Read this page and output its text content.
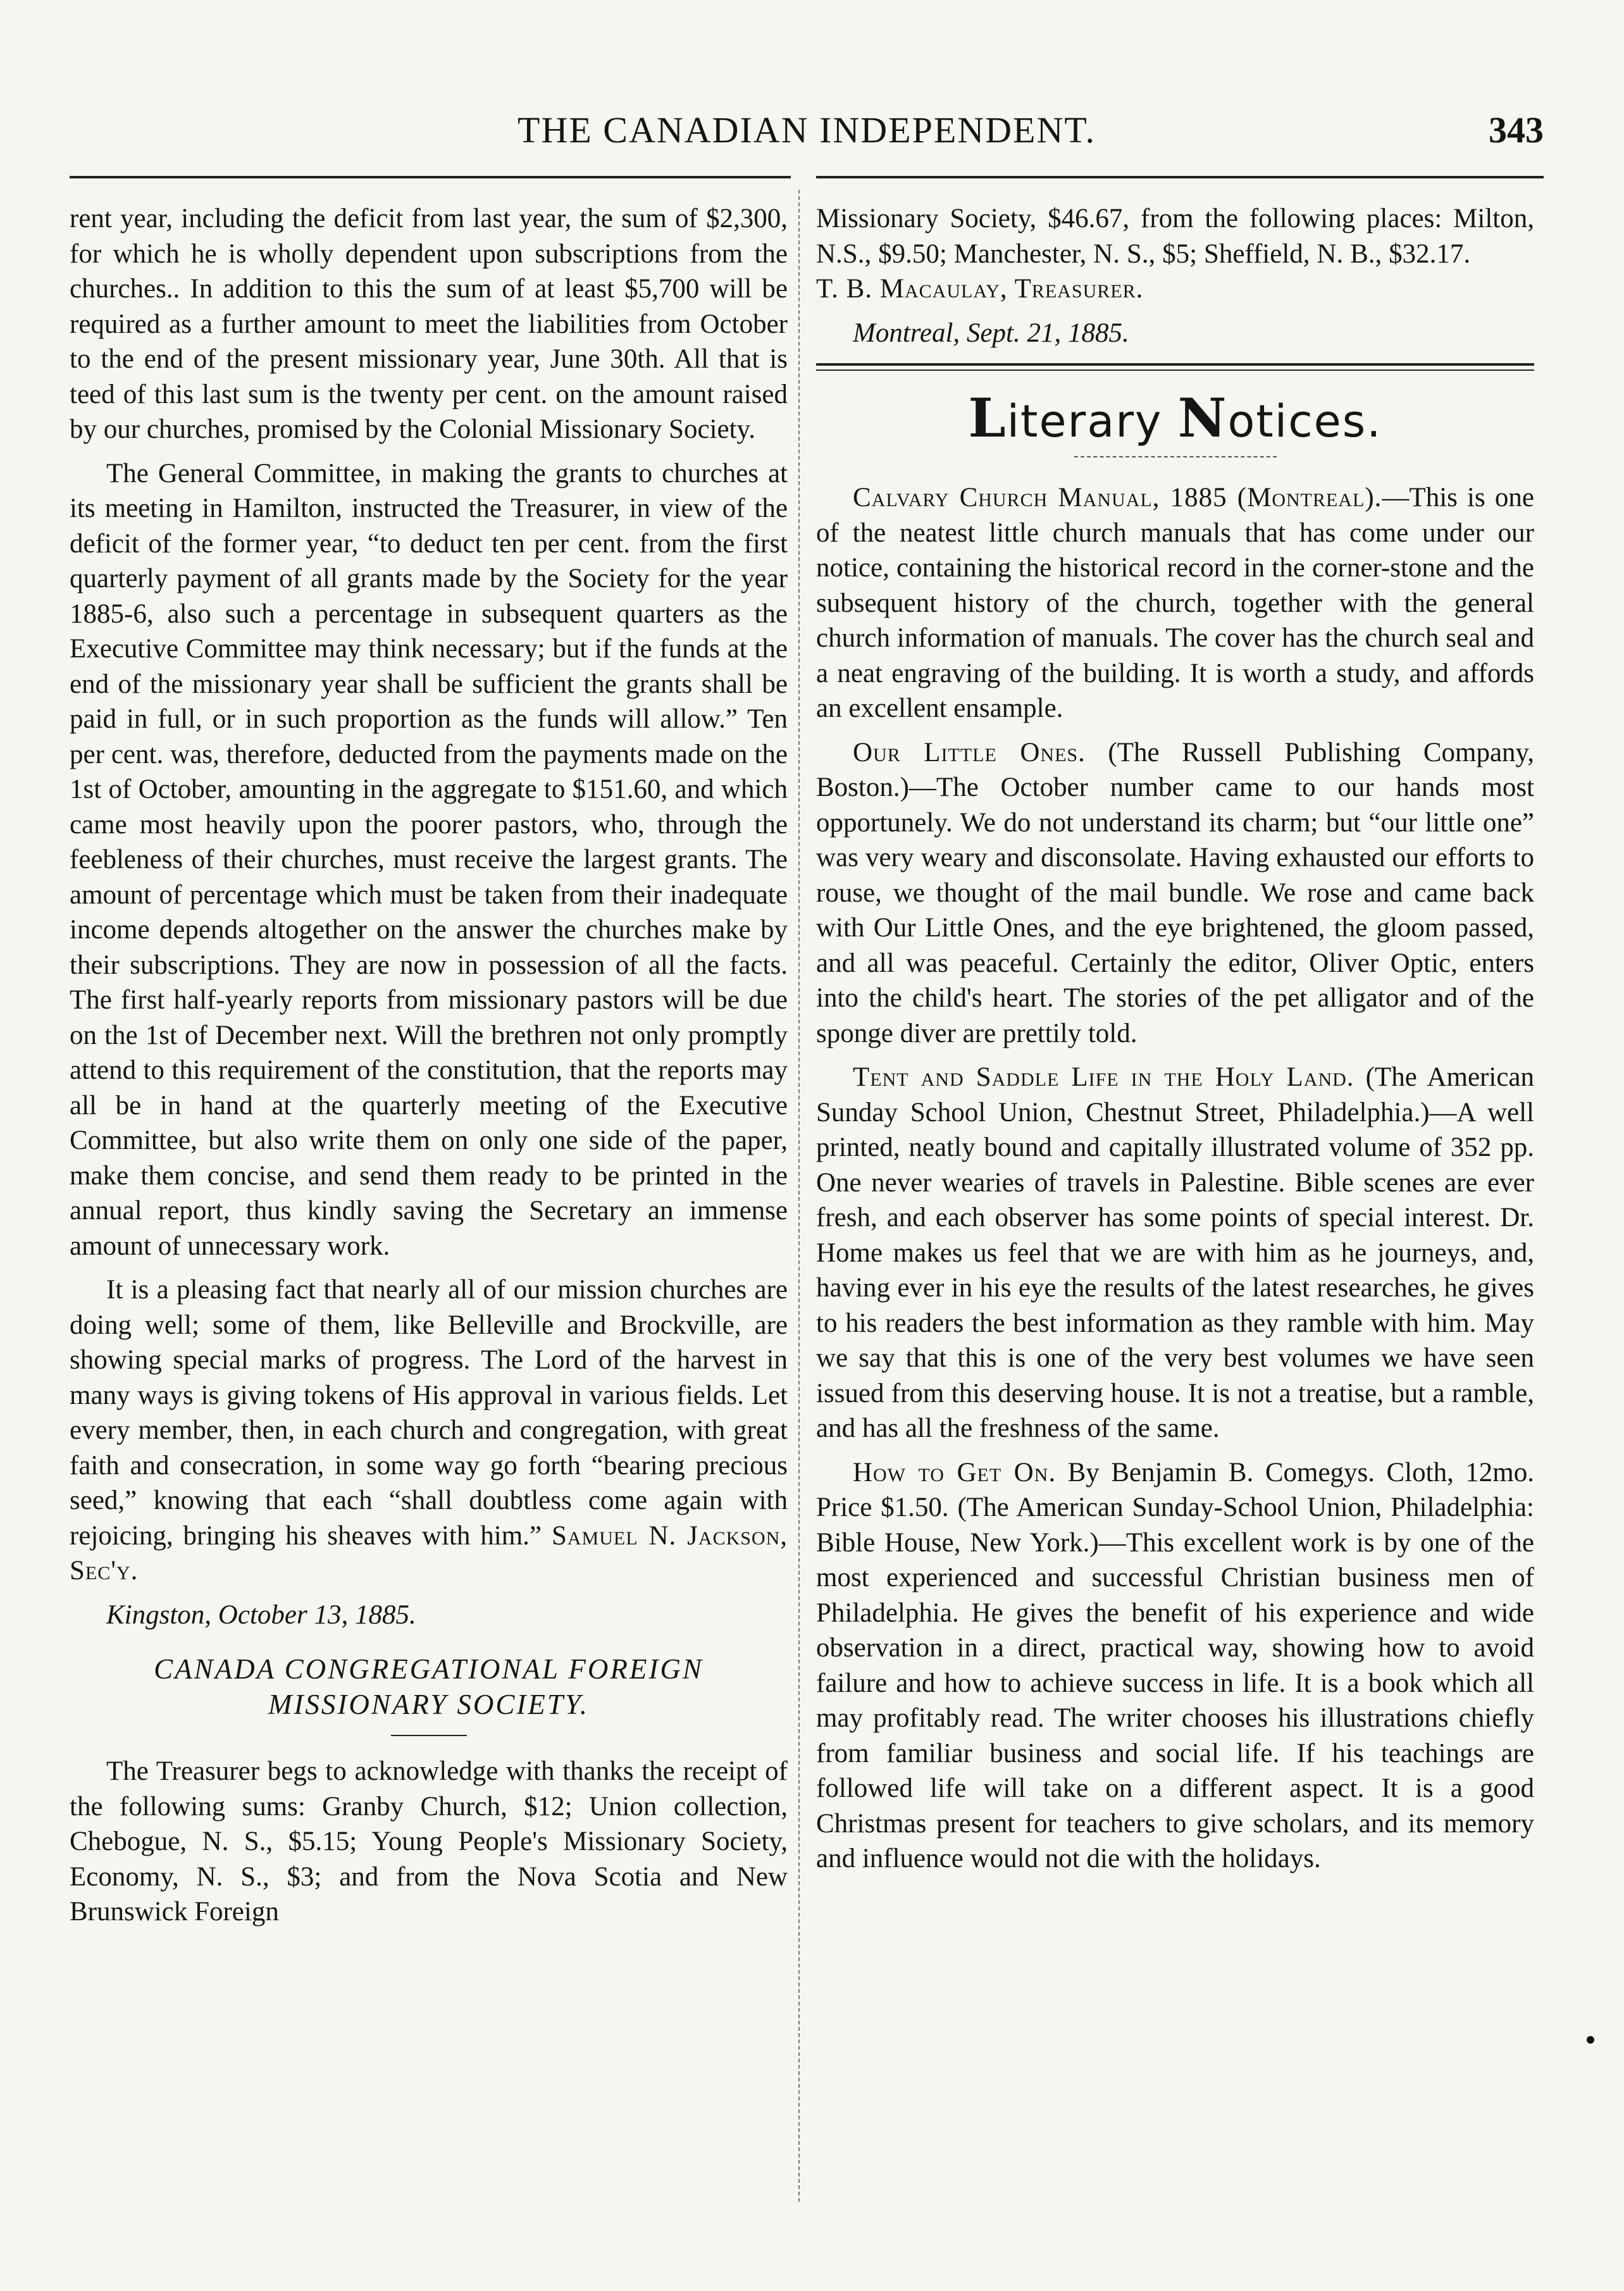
THE CANADIAN INDEPENDENT.	343

rent year, including the deficit from last year, the sum of $2,300, for which he is wholly dependent upon subscriptions from the churches.. In addition to this the sum of at least $5,700 will be required as a further amount to meet the liabilities from October to the end of the present missionary year, June 30th. All that is teed of this last sum is the twenty per cent. on the amount raised by our churches, promised by the Colonial Missionary Society.

The General Committee, in making the grants to churches at its meeting in Hamilton, instructed the Treasurer, in view of the deficit of the former year, “to deduct ten per cent. from the first quarterly payment of all grants made by the Society for the year 1885-6, also such a percentage in subsequent quarters as the Executive Committee may think necessary; but if the funds at the end of the missionary year shall be sufficient the grants shall be paid in full, or in such proportion as the funds will allow.” Ten per cent. was, therefore, deducted from the payments made on the 1st of October, amounting in the aggregate to $151.60, and which came most heavily upon the poorer pastors, who, through the feebleness of their churches, must receive the largest grants. The amount of percentage which must be taken from their inadequate income depends altogether on the answer the churches make by their subscriptions. They are now in possession of all the facts. The first half-yearly reports from missionary pastors will be due on the 1st of December next. Will the brethren not only promptly attend to this requirement of the constitution, that the reports may all be in hand at the quarterly meeting of the Executive Committee, but also write them on only one side of the paper, make them concise, and send them ready to be printed in the annual report, thus kindly saving the Secretary an immense amount of unnecessary work.

It is a pleasing fact that nearly all of our mission churches are doing well; some of them, like Belleville and Brockville, are showing special marks of progress. The Lord of the harvest in many ways is giving tokens of His approval in various fields. Let every member, then, in each church and congregation, with great faith and consecration, in some way go forth “bearing precious seed,” knowing that each “shall doubtless come again with rejoicing, bringing his sheaves with him.” Samuel N. Jackson, Sec'y.

Kingston, October 13, 1885.

CANADA CONGREGATIONAL FOREIGN MISSIONARY SOCIETY.

The Treasurer begs to acknowledge with thanks the receipt of the following sums: Granby Church, $12; Union collection, Chebogue, N. S., $5.15; Young People's Missionary Society, Economy, N. S., $3; and from the Nova Scotia and New Brunswick Foreign

Missionary Society, $46.67, from the following places: Milton, N.S., $9.50; Manchester, N. S., $5; Sheffield, N. B., $32.17. T. B. Macaulay, Treasurer.

Montreal, Sept. 21, 1885.

Literary Notices.

Calvary Church Manual, 1885 (Montreal).—This is one of the neatest little church manuals that has come under our notice, containing the historical record in the corner-stone and the subsequent history of the church, together with the general church information of manuals. The cover has the church seal and a neat engraving of the building. It is worth a study, and affords an excellent ensample.

Our Little Ones. (The Russell Publishing Company, Boston.)—The October number came to our hands most opportunely. We do not understand its charm; but “our little one” was very weary and disconsolate. Having exhausted our efforts to rouse, we thought of the mail bundle. We rose and came back with Our Little Ones, and the eye brightened, the gloom passed, and all was peaceful. Certainly the editor, Oliver Optic, enters into the child's heart. The stories of the pet alligator and of the sponge diver are prettily told.

Tent and Saddle Life in the Holy Land. (The American Sunday School Union, Chestnut Street, Philadelphia.)—A well printed, neatly bound and capitally illustrated volume of 352 pp. One never wearies of travels in Palestine. Bible scenes are ever fresh, and each observer has some points of special interest. Dr. Home makes us feel that we are with him as he journeys, and, having ever in his eye the results of the latest researches, he gives to his readers the best information as they ramble with him. May we say that this is one of the very best volumes we have seen issued from this deserving house. It is not a treatise, but a ramble, and has all the freshness of the same.

How to Get On. By Benjamin B. Comegys. Cloth, 12mo. Price $1.50. (The American Sunday-School Union, Philadelphia: Bible House, New York.)—This excellent work is by one of the most experienced and successful Christian business men of Philadelphia. He gives the benefit of his experience and wide observation in a direct, practical way, showing how to avoid failure and how to achieve success in life. It is a book which all may profitably read. The writer chooses his illustrations chiefly from familiar business and social life. If his teachings are followed life will take on a different aspect. It is a good Christmas present for teachers to give scholars, and its memory and influence would not die with the holidays.
